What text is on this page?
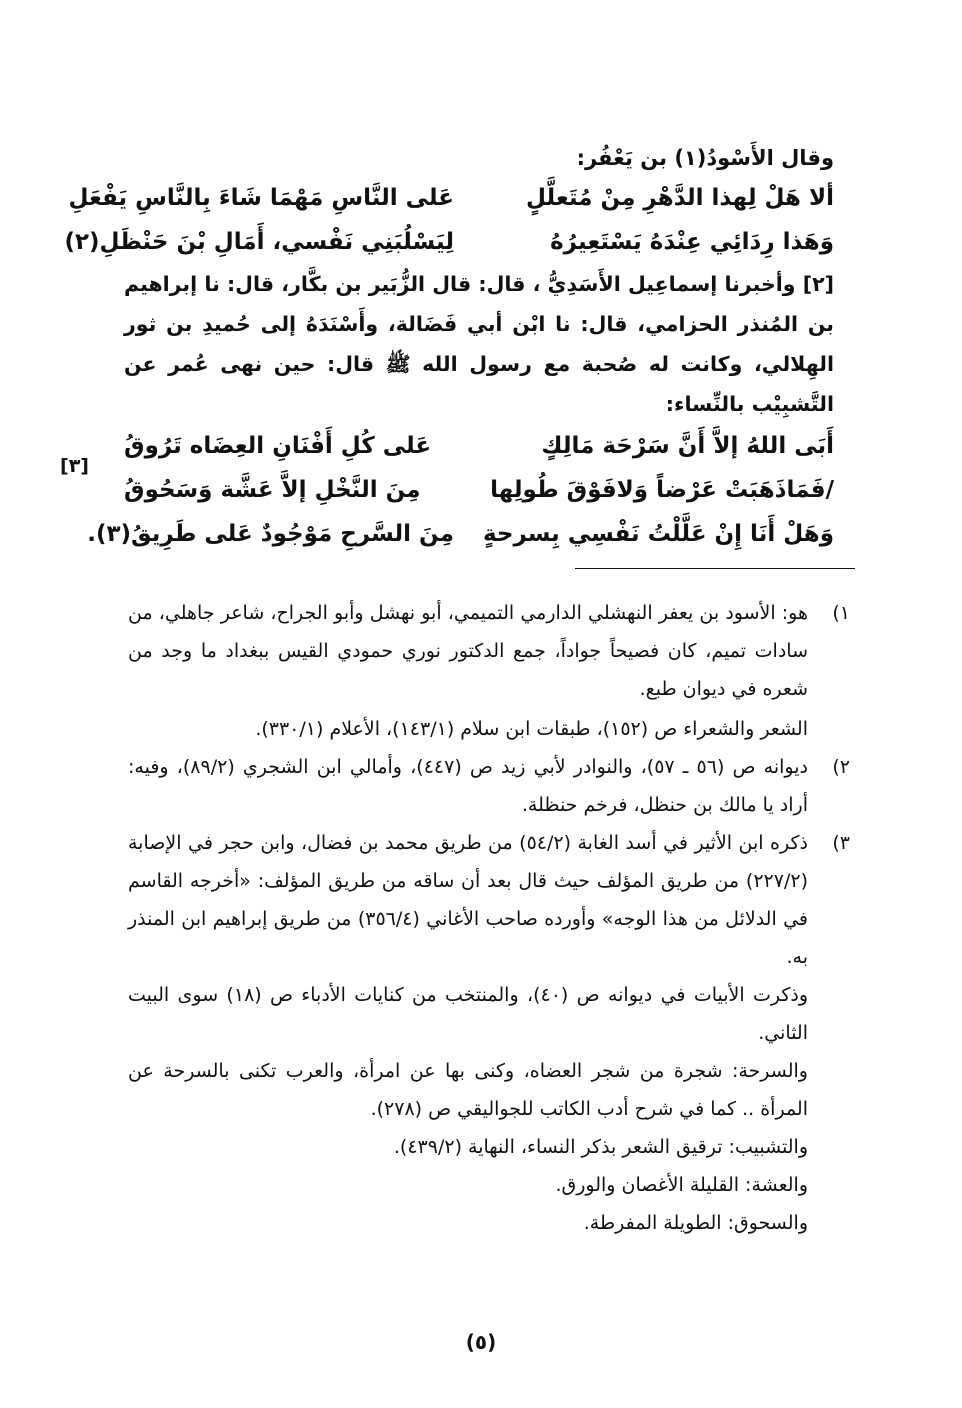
وقال الأَسْودُ(١) بن يَعْفُر:

ألا هَلْ لِهذا الدَّهْرِ مِنْ مُتَعلَّلٍ
عَلى النَّاسِ مَهْمَا شَاءَ بِالنَّاسِ يَفْعَلِ
وَهَذا رِدَائِي عِنْدَهُ يَسْتَعِيرُهُ
لِيَسْلُبَنِي نَفْسي، أَمَالِ بْنَ حَنْظَلِ(٢)

[٢] وأخبرنا إسماعِيل الأَسَدِيُّ ، قال: قال الزُّبَير بن بكَّار، قال: نا إبراهيم بن المُنذر الحزامي، قال: نا ابْن أبي فَضَالة، وأَسْنَدَهُ إلى حُميدِ بن ثور الهِلالي، وكانت له صُحبة مع رسول الله ﷺ قال: حين نهى عُمر عن التَّشبِيْب بالنِّساء:

أَبَى اللهُ إلاَّ أَنَّ سَرْحَة مَالِكٍ
عَلى كُلِ أَفْنَانِ العِضَاه تَرُوقُ
/فَمَاذَهَبَتْ عَرْضاً وَلافَوْقَ طُولِها
مِنَ النَّخْلِ إلاَّ عَشَّة وَسَحُوقُ
وَهَلْ أَنَا إِنْ عَلَّلْتُ نَفْسِي بِسرحةٍ
مِنَ السَّرحِ مَوْجُودٌ عَلى طَرِيقُ(٣).
[٣]
١)

هو: الأسود بن يعفر النهشلي الدارمي التميمي، أبو نهشل وأبو الجراح، شاعر جاهلي، من سادات تميم، كان فصيحاً جواداً، جمع الدكتور نوري حمودي القيس ببغداد ما وجد من شعره في ديوان طبع.

الشعر والشعراء ص (١٥٢)، طبقات ابن سلام (١٤٣/١)، الأعلام (٣٣٠/١).

٢)

ديوانه ص (٥٦ ـ ٥٧)، والنوادر لأبي زيد ص (٤٤٧)، وأمالي ابن الشجري (٨٩/٢)، وفيه: أراد يا مالك بن حنظل، فرخم حنظلة.

٣)

ذكره ابن الأثير في أسد الغابة (٥٤/٢) من طريق محمد بن فضال، وابن حجر في الإصابة (٢٢٧/٢) من طريق المؤلف حيث قال بعد أن ساقه من طريق المؤلف: «أخرجه القاسم في الدلائل من هذا الوجه» وأورده صاحب الأغاني (٣٥٦/٤) من طريق إبراهيم ابن المنذر به.

وذكرت الأبيات في ديوانه ص (٤٠)، والمنتخب من كنايات الأدباء ص (١٨) سوى البيت الثاني.

والسرحة: شجرة من شجر العضاه، وكنى بها عن امرأة، والعرب تكنى بالسرحة عن المرأة .. كما في شرح أدب الكاتب للجواليقي ص (٢٧٨).

والتشبيب: ترقيق الشعر بذكر النساء، النهاية (٤٣٩/٢).

والعشة: القليلة الأغصان والورق.

والسحوق: الطويلة المفرطة.

(٥)
